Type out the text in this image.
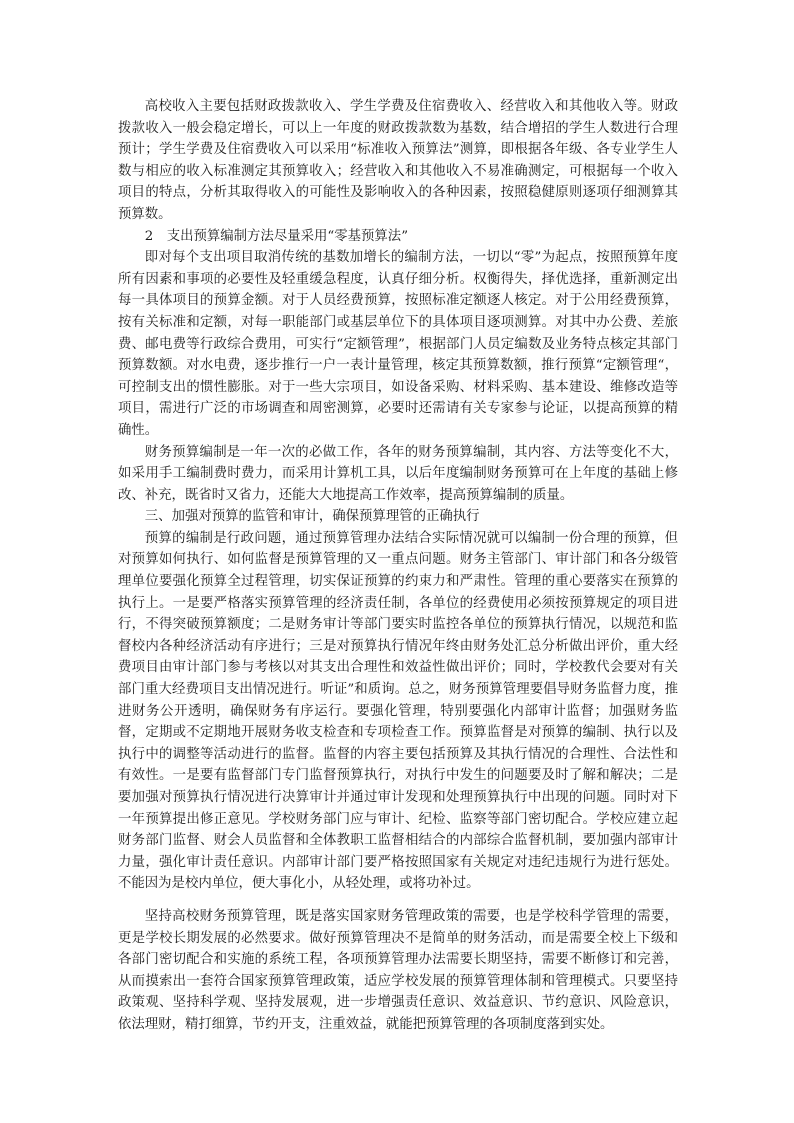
高校收入主要包括财政拨款收入、学生学费及住宿费收入、经营收入和其他收入等。财政拨款收入一般会稳定增长，可以上一年度的财政拨款数为基数，结合增招的学生人数进行合理预计；学生学费及住宿费收入可以采用“标准收入预算法”测算，即根据各年级、各专业学生人数与相应的收入标准测定其预算收入；经营收入和其他收入不易准确测定，可根据每一个收入项目的特点，分析其取得收入的可能性及影响收入的各种因素，按照稳健原则逐项仔细测算其预算数。

2　支出预算编制方法尽量采用“零基预算法”

即对每个支出项目取消传统的基数加增长的编制方法，一切以“零”为起点，按照预算年度所有因素和事项的必要性及轻重缓急程度，认真仔细分析。权衡得失，择优选择，重新测定出每一具体项目的预算金额。对于人员经费预算，按照标准定额逐人核定。对于公用经费预算，按有关标准和定额，对每一职能部门或基层单位下的具体项目逐项测算。对其中办公费、差旅费、邮电费等行政综合费用，可实行“定额管理”，根据部门人员定编数及业务特点核定其部门预算数额。对水电费，逐步推行一户一表计量管理，核定其预算数额，推行预算“定额管理“，可控制支出的惯性膨胀。对于一些大宗项目，如设备采购、材料采购、基本建设、维修改造等项目，需进行广泛的市场调查和周密测算，必要时还需请有关专家参与论证，以提高预算的精确性。

财务预算编制是一年一次的必做工作，各年的财务预算编制，其内容、方法等变化不大，如采用手工编制费时费力，而采用计算机工具，以后年度编制财务预算可在上年度的基础上修改、补充，既省时又省力，还能大大地提高工作效率，提高预算编制的质量。

三、加强对预算的监管和审计，确保预算理管的正确执行

预算的编制是行政问题，通过预算管理办法结合实际情况就可以编制一份合理的预算，但对预算如何执行、如何监督是预算管理的又一重点问题。财务主管部门、审计部门和各分级管理单位要强化预算全过程管理，切实保证预算的约束力和严肃性。管理的重心要落实在预算的执行上。一是要严格落实预算管理的经济责任制，各单位的经费使用必须按预算规定的项目进行，不得突破预算额度；二是财务审计等部门要实时监控各单位的预算执行情况，以规范和监督校内各种经济活动有序进行；三是对预算执行情况年终由财务处汇总分析做出评价，重大经费项目由审计部门参与考核以对其支出合理性和效益性做出评价；同时，学校教代会要对有关部门重大经费项目支出情况进行。听证”和质询。总之，财务预算管理要倡导财务监督力度，推进财务公开透明，确保财务有序运行。要强化管理，特别要强化内部审计监督；加强财务监督，定期或不定期地开展财务收支检查和专项检查工作。预算监督是对预算的编制、执行以及执行中的调整等活动进行的监督。监督的内容主要包括预算及其执行情况的合理性、合法性和有效性。一是要有监督部门专门监督预算执行，对执行中发生的问题要及时了解和解决；二是要加强对预算执行情况进行决算审计并通过审计发现和处理预算执行中出现的问题。同时对下一年预算提出修正意见。学校财务部门应与审计、纪检、监察等部门密切配合。学校应建立起财务部门监督、财会人员监督和全体教职工监督相结合的内部综合监督机制，要加强内部审计力量，强化审计责任意识。内部审计部门要严格按照国家有关规定对违纪违规行为进行惩处。不能因为是校内单位，便大事化小，从轻处理，或将功补过。

坚持高校财务预算管理，既是落实国家财务管理政策的需要，也是学校科学管理的需要，更是学校长期发展的必然要求。做好预算管理决不是简单的财务活动，而是需要全校上下级和各部门密切配合和实施的系统工程，各项预算管理办法需要长期坚持，需要不断修订和完善，从而摸索出一套符合国家预算管理政策，适应学校发展的预算管理体制和管理模式。只要坚持政策观、坚持科学观、坚持发展观，进一步增强责任意识、效益意识、节约意识、风险意识，依法理财，精打细算，节约开支，注重效益，就能把预算管理的各项制度落到实处。
